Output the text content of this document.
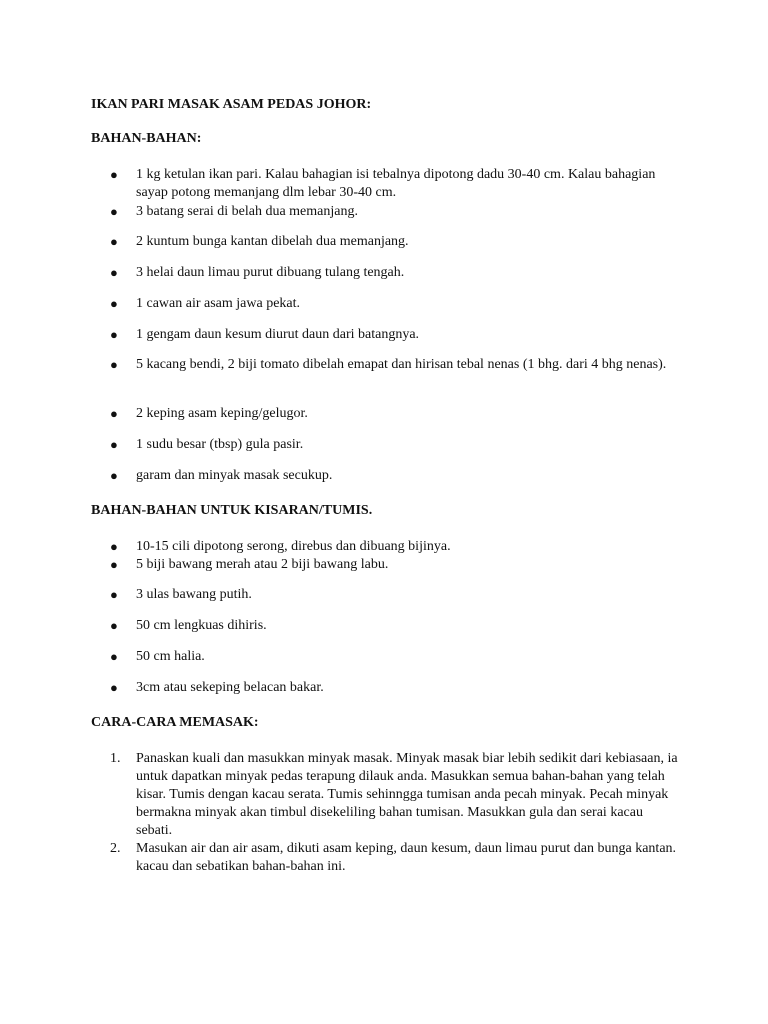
IKAN PARI MASAK ASAM PEDAS JOHOR:
BAHAN-BAHAN:
● 1 kg ketulan ikan pari. Kalau bahagian isi tebalnya dipotong dadu 30-40 cm. Kalau bahagian sayap potong memanjang dlm lebar 30-40 cm.
● 3 batang serai di belah dua memanjang.
● 2 kuntum bunga kantan dibelah dua memanjang.
● 3 helai daun limau purut dibuang tulang tengah.
● 1 cawan air asam jawa pekat.
● 1 gengam daun kesum diurut daun dari batangnya.
● 5 kacang bendi, 2 biji tomato dibelah emapat dan hirisan tebal nenas (1 bhg. dari 4 bhg nenas).
● 2 keping asam keping/gelugor.
● 1 sudu besar (tbsp) gula pasir.
● garam dan minyak masak secukup.
BAHAN-BAHAN UNTUK KISARAN/TUMIS.
● 10-15 cili dipotong serong, direbus dan dibuang bijinya.
● 5 biji bawang merah atau 2 biji bawang labu.
● 3 ulas bawang putih.
● 50 cm lengkuas dihiris.
● 50 cm halia.
● 3cm atau sekeping belacan bakar.
CARA-CARA MEMASAK:
1. Panaskan kuali dan masukkan minyak masak. Minyak masak biar lebih sedikit dari kebiasaan, ia untuk dapatkan minyak pedas terapung dilauk anda. Masukkan semua bahan-bahan yang telah kisar. Tumis dengan kacau serata. Tumis sehinngga tumisan anda pecah minyak. Pecah minyak bermakna minyak akan timbul disekeliling bahan tumisan. Masukkan gula dan serai kacau sebati.
2. Masukan air dan air asam, dikuti asam keping, daun kesum, daun limau purut dan bunga kantan. kacau dan sebatikan bahan-bahan ini.
